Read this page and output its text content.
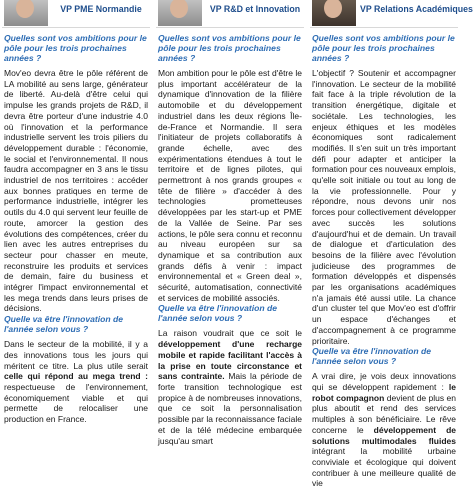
VP PME Normandie

Quelles sont vos ambitions pour le pôle pour les trois prochaines années ?

Mov'eo devra être le pôle référent de LA mobilité au sens large, générateur de liberté. Au-delà d'être celui qui impulse les grands projets de R&D, il devra être porteur d'une industrie 4.0 où l'innovation et la performance industrielle servent les trois piliers du développement durable : l'économie, le social et l'environnemental. Il nous faudra accompagner en 3 ans le tissu industriel de nos territoires : accéder aux bonnes pratiques en terme de performance industrielle, intégrer les outils du 4.0 qui servent leur feuille de route, amorcer la gestion des évolutions des compétences, créer du lien avec les autres entreprises du secteur pour chasser en meute, reconstruire les produits et services de demain, faire du business et intégrer l'impact environnemental et les mega trends dans leurs prises de décisions.

Quelle va être l'innovation de l'année selon vous ?

Dans le secteur de la mobilité, il y a des innovations tous les jours qui méritent ce titre. La plus utile serait celle qui répond au mega trend : respectueuse de l'environnement, économiquement viable et qui permette de relocaliser une production en France.

VP R&D et Innovation

Quelles sont vos ambitions pour le pôle pour les trois prochaines années ?

Mon ambition pour le pôle est d'être le plus important accélérateur de la dynamique d'innovation de la filière automobile et du développement industriel dans les deux régions Île-de-France et Normandie. Il sera l'initiateur de projets collaboratifs à grande échelle, avec des expérimentations étendues à tout le territoire et de lignes pilotes, qui permettront à nos grands groupes « tête de filière » d'accéder à des technologies prometteuses développées par les start-up et PME de la Vallée de Seine. Par ses actions, le pôle sera connu et reconnu au niveau européen sur sa dynamique et sa contribution aux grands défis à venir : impact environnemental et « Green deal », sécurité, automatisation, connectivité et services de mobilité associés.

Quelle va être l'innovation de l'année selon vous ?

La raison voudrait que ce soit le développement d'une recharge mobile et rapide facilitant l'accès à la prise en toute circonstance et sans contrainte. Mais la période de forte transition technologique est propice à de nombreuses innovations, que ce soit la personnalisation possible par la reconnaissance faciale et de la télé médecine embarquée jusqu'au smart

VP Relations Académiques

Quelles sont vos ambitions pour le pôle pour les trois prochaines années ?

L'objectif ? Soutenir et accompagner l'innovation. Le secteur de la mobilité fait face à la triple révolution de la transition énergétique, digitale et sociétale. Les technologies, les enjeux éthiques et les modèles économiques sont radicalement modifiés. Il s'en suit un très important défi pour adapter et anticiper la formation pour ces nouveaux emplois, qu'elle soit initiale ou tout au long de la vie professionnelle. Pour y répondre, nous devons unir nos forces pour collectivement développer avec succès les solutions d'aujourd'hui et de demain. Un travail de dialogue et d'articulation des besoins de la filière avec l'évolution judicieuse des programmes de formation développés et dispensés par les organisations académiques n'a jamais été aussi utile. La chance d'un cluster tel que Mov'eo est d'offrir un espace d'échanges et d'accompagnement à ce programme prioritaire.

Quelle va être l'innovation de l'année selon vous ?

A vrai dire, je vois deux innovations qui se développent rapidement : le robot compagnon devient de plus en plus aboutit et rend des services multiples à son bénéficiaire. Le rêve concerne le développement de solutions multimodales fluides intégrant la mobilité urbaine conviviale et écologique qui doivent contribuer à une meilleure qualité de vie
